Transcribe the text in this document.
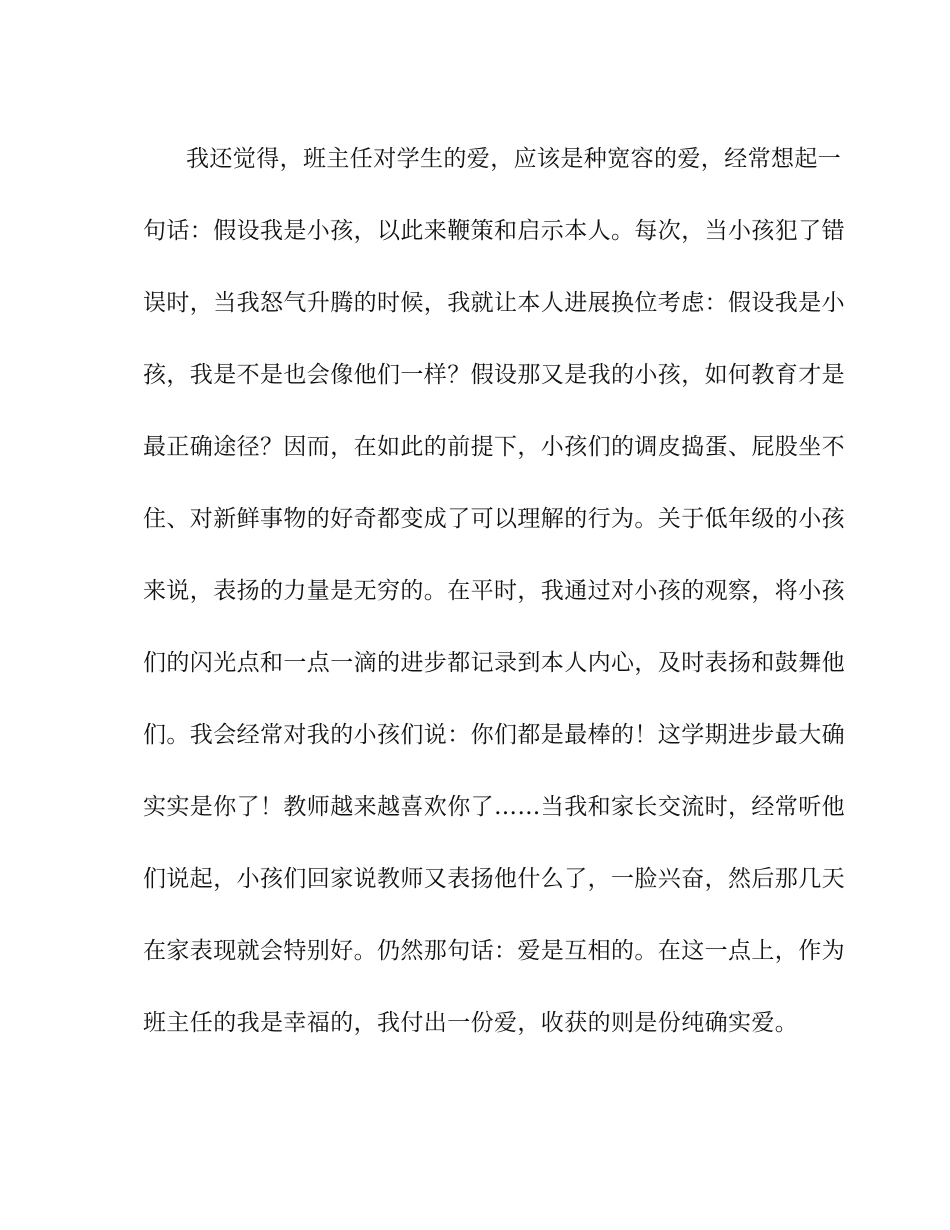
我还觉得，班主任对学生的爱，应该是种宽容的爱，经常想起一
句话：假设我是小孩，以此来鞭策和启示本人。每次，当小孩犯了错
误时，当我怒气升腾的时候，我就让本人进展换位考虑：假设我是小
孩，我是不是也会像他们一样？假设那又是我的小孩，如何教育才是
最正确途径？因而，在如此的前提下，小孩们的调皮捣蛋、屁股坐不
住、对新鲜事物的好奇都变成了可以理解的行为。关于低年级的小孩
来说，表扬的力量是无穷的。在平时，我通过对小孩的观察，将小孩
们的闪光点和一点一滴的进步都记录到本人内心，及时表扬和鼓舞他
们。我会经常对我的小孩们说：你们都是最棒的！这学期进步最大确
实实是你了！教师越来越喜欢你了……当我和家长交流时，经常听他
们说起，小孩们回家说教师又表扬他什么了，一脸兴奋，然后那几天
在家表现就会特别好。仍然那句话：爱是互相的。在这一点上，作为
班主任的我是幸福的，我付出一份爱，收获的则是份纯确实爱。
